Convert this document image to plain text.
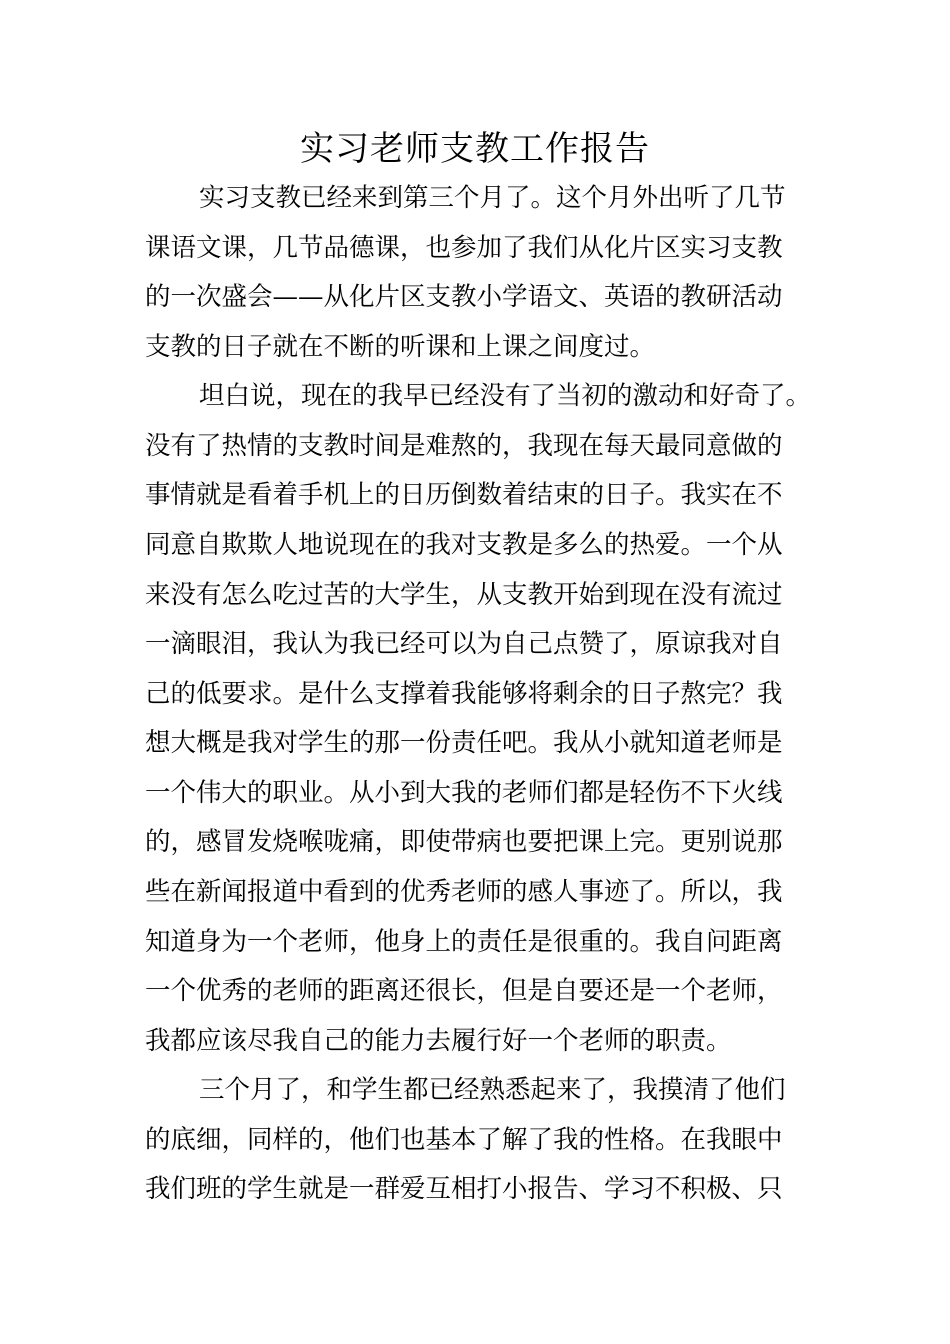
实习老师支教工作报告

实习支教已经来到第三个月了。这个月外出听了几节

课语文课，几节品德课，也参加了我们从化片区实习支教

的一次盛会——从化片区支教小学语文、英语的教研活动

支教的日子就在不断的听课和上课之间度过。

坦白说，现在的我早已经没有了当初的激动和好奇了。

没有了热情的支教时间是难熬的，我现在每天最同意做的

事情就是看着手机上的日历倒数着结束的日子。我实在不

同意自欺欺人地说现在的我对支教是多么的热爱。一个从

来没有怎么吃过苦的大学生，从支教开始到现在没有流过

一滴眼泪，我认为我已经可以为自己点赞了，原谅我对自

己的低要求。是什么支撑着我能够将剩余的日子熬完？我

想大概是我对学生的那一份责任吧。我从小就知道老师是

一个伟大的职业。从小到大我的老师们都是轻伤不下火线

的，感冒发烧喉咙痛，即使带病也要把课上完。更别说那

些在新闻报道中看到的优秀老师的感人事迹了。所以，我

知道身为一个老师，他身上的责任是很重的。我自问距离

一个优秀的老师的距离还很长，但是自要还是一个老师，

我都应该尽我自己的能力去履行好一个老师的职责。

三个月了，和学生都已经熟悉起来了，我摸清了他们

的底细，同样的，他们也基本了解了我的性格。在我眼中

我们班的学生就是一群爱互相打小报告、学习不积极、只
